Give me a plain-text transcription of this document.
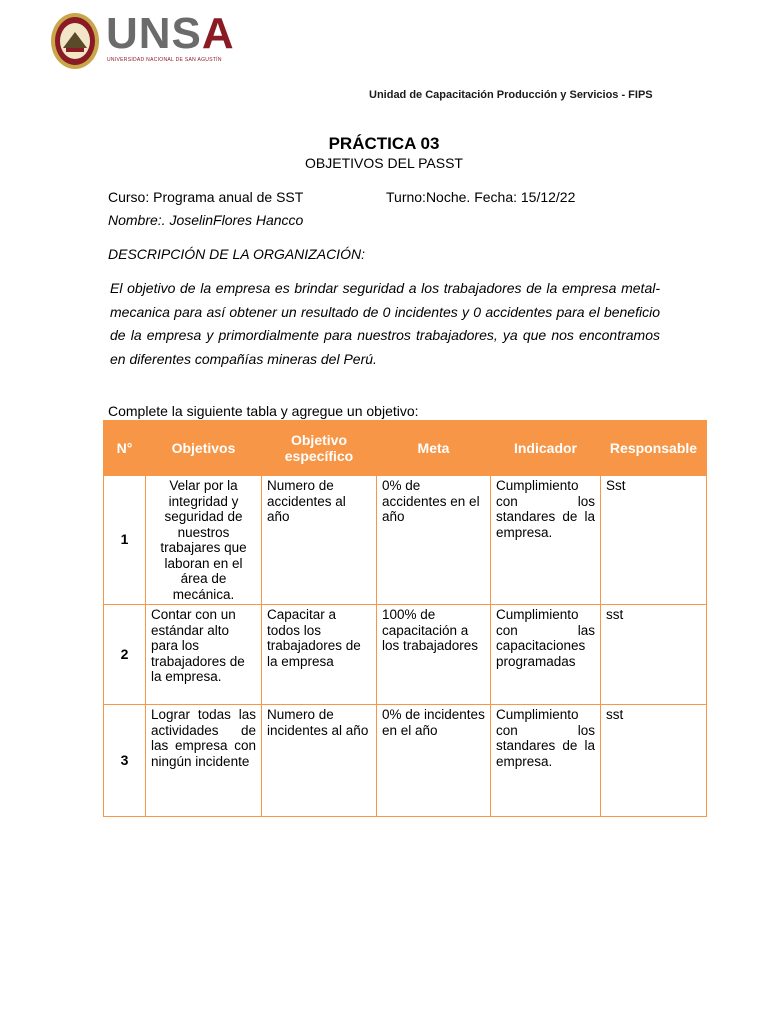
UNSA
UNIVERSIDAD NACIONAL DE SAN AGUSTÍN
Unidad de Capacitación Producción y Servicios - FIPS
PRÁCTICA 03
OBJETIVOS DEL PASST
Curso: Programa anual de SST	Turno:Noche. Fecha: 15/12/22
Nombre:. JoselinFlores Hancco
DESCRIPCIÓN DE LA ORGANIZACIÓN:
El objetivo de la empresa es brindar seguridad a los trabajadores de la empresa metal-mecanica para así obtener un resultado de 0 incidentes y 0 accidentes para el beneficio de la empresa y primordialmente para nuestros trabajadores, ya que nos encontramos en diferentes compañías mineras del Perú.
Complete la siguiente tabla y agregue un objetivo:
N°	Objetivos	Objetivo específico	Meta	Indicador	Responsable
1	Velar por la integridad y seguridad de nuestros trabajares que laboran en el área de mecánica.	Numero de accidentes al año	0% de accidentes en el año	Cumplimiento con los standares de la empresa.	Sst
2	Contar con un estándar alto para los trabajadores de la empresa.	Capacitar a todos los trabajadores de la empresa	100% de capacitación a los trabajadores	Cumplimiento con las capacitaciones programadas	sst
3	Lograr todas las actividades de las empresa con ningún incidente	Numero de incidentes al año	0% de incidentes en el año	Cumplimiento con los standares de la empresa.	sst
